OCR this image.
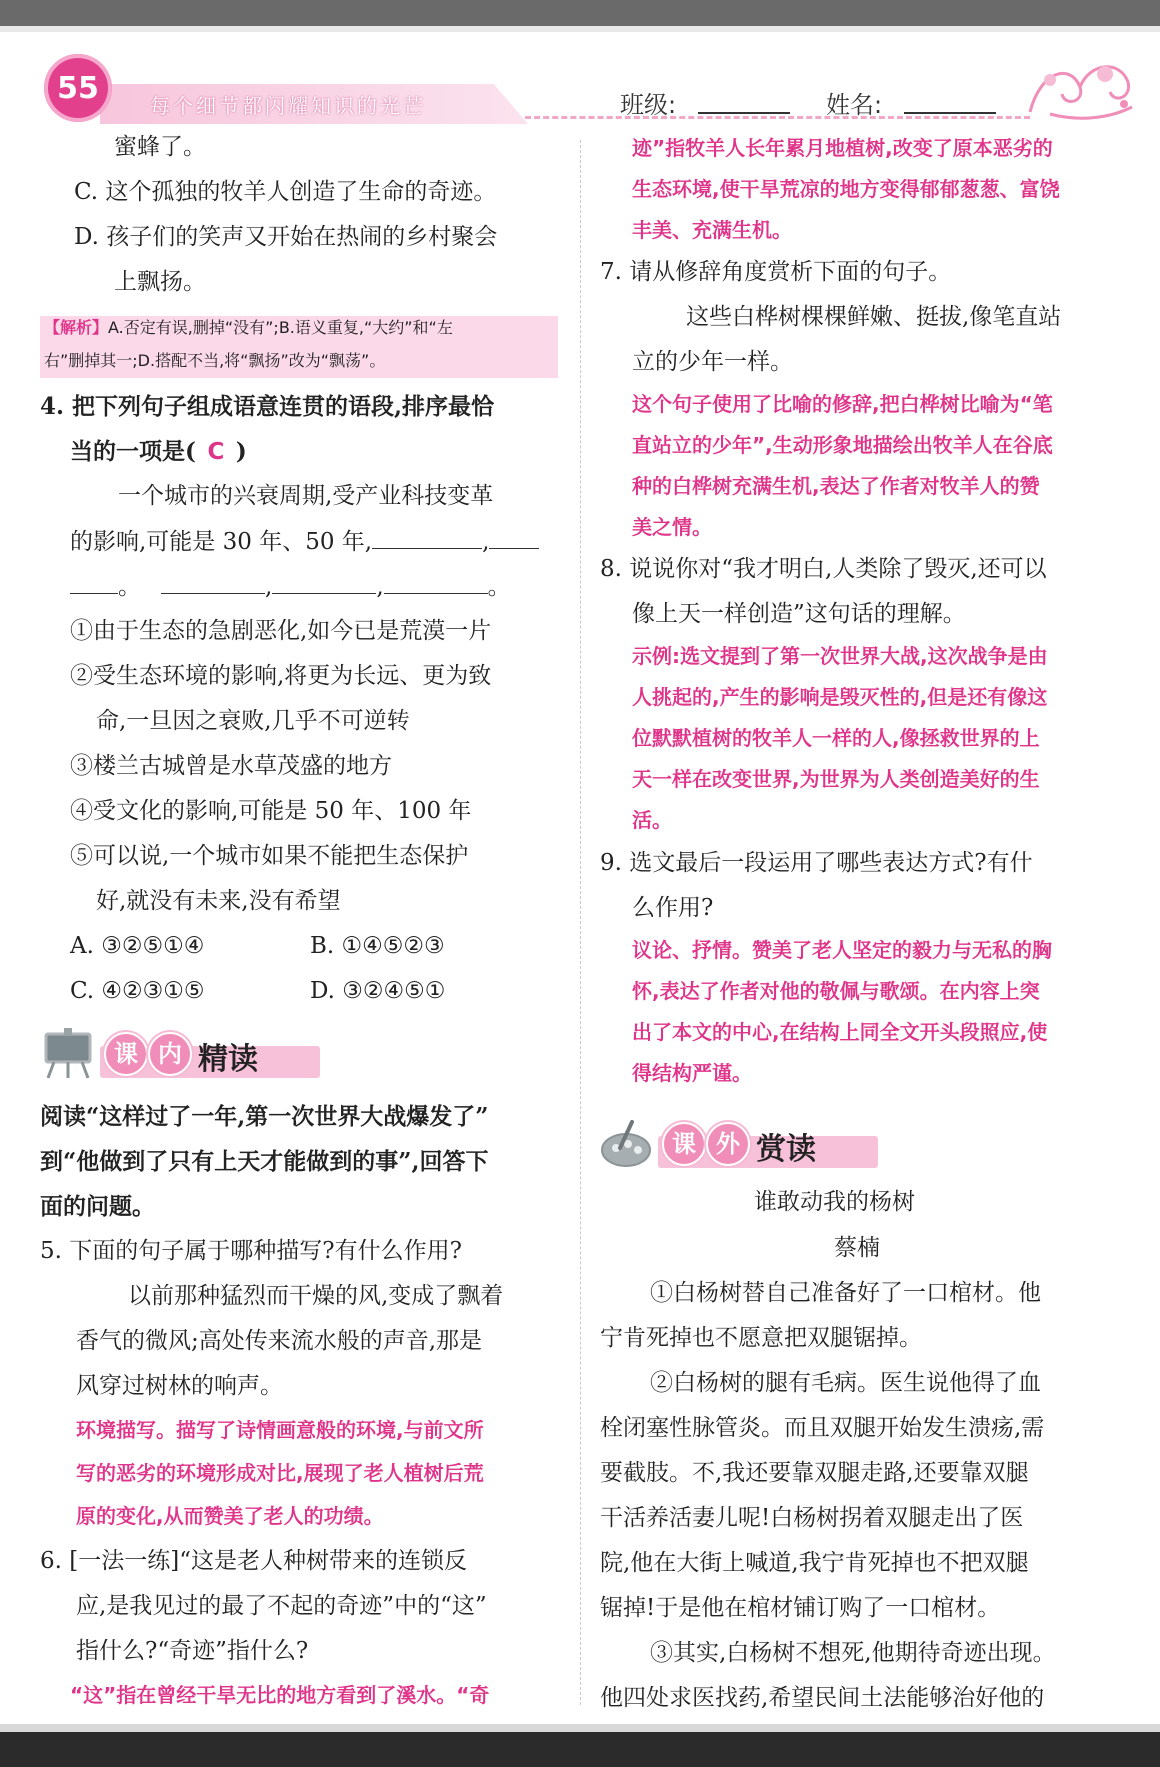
55
每个细节都闪耀知识的光芒	班级:	姓名:
蜜蜂了。
C. 这个孤独的牧羊人创造了生命的奇迹。
D. 孩子们的笑声又开始在热闹的乡村聚会
上飘扬。
【解析】A.否定有误,删掉“没有”;B.语义重复,“大约”和“左
右”删掉其一;D.搭配不当,将“飘扬”改为“飘荡”。
4. 把下列句子组成语意连贯的语段,排序最恰
当的一项是( C )
一个城市的兴衰周期,受产业科技变革
的影响,可能是 30 年、50 年,	,
。	,	,	。
①由于生态的急剧恶化,如今已是荒漠一片
②受生态环境的影响,将更为长远、更为致
命,一旦因之衰败,几乎不可逆转
③楼兰古城曾是水草茂盛的地方
④受文化的影响,可能是 50 年、100 年
⑤可以说,一个城市如果不能把生态保护
好,就没有未来,没有希望
A. ③②⑤①④	B. ①④⑤②③
C. ④②③①⑤	D. ③②④⑤①
课 内 精读
阅读“这样过了一年,第一次世界大战爆发了”
到“他做到了只有上天才能做到的事”,回答下
面的问题。
5. 下面的句子属于哪种描写?有什么作用?
以前那种猛烈而干燥的风,变成了飘着
香气的微风;高处传来流水般的声音,那是
风穿过树林的响声。
环境描写。描写了诗情画意般的环境,与前文所
写的恶劣的环境形成对比,展现了老人植树后荒
原的变化,从而赞美了老人的功绩。
6. [一法一练]“这是老人种树带来的连锁反
应,是我见过的最了不起的奇迹”中的“这”
指什么?“奇迹”指什么?
“这”指在曾经干旱无比的地方看到了溪水。“奇
迹”指牧羊人长年累月地植树,改变了原本恶劣的
生态环境,使干旱荒凉的地方变得郁郁葱葱、富饶
丰美、充满生机。
7. 请从修辞角度赏析下面的句子。
这些白桦树棵棵鲜嫩、挺拔,像笔直站
立的少年一样。
这个句子使用了比喻的修辞,把白桦树比喻为“笔
直站立的少年”,生动形象地描绘出牧羊人在谷底
种的白桦树充满生机,表达了作者对牧羊人的赞
美之情。
8. 说说你对“我才明白,人类除了毁灭,还可以
像上天一样创造”这句话的理解。
示例:选文提到了第一次世界大战,这次战争是由
人挑起的,产生的影响是毁灭性的,但是还有像这
位默默植树的牧羊人一样的人,像拯救世界的上
天一样在改变世界,为世界为人类创造美好的生
活。
9. 选文最后一段运用了哪些表达方式?有什
么作用?
议论、抒情。赞美了老人坚定的毅力与无私的胸
怀,表达了作者对他的敬佩与歌颂。在内容上突
出了本文的中心,在结构上同全文开头段照应,使
得结构严谨。
课 外 赏读
谁敢动我的杨树
蔡楠
①白杨树替自己准备好了一口棺材。他
宁肯死掉也不愿意把双腿锯掉。
②白杨树的腿有毛病。医生说他得了血
栓闭塞性脉管炎。而且双腿开始发生溃疡,需
要截肢。不,我还要靠双腿走路,还要靠双腿
干活养活妻儿呢!白杨树拐着双腿走出了医
院,他在大街上喊道,我宁肯死掉也不把双腿
锯掉!于是他在棺材铺订购了一口棺材。
③其实,白杨树不想死,他期待奇迹出现。
他四处求医找药,希望民间土法能够治好他的
